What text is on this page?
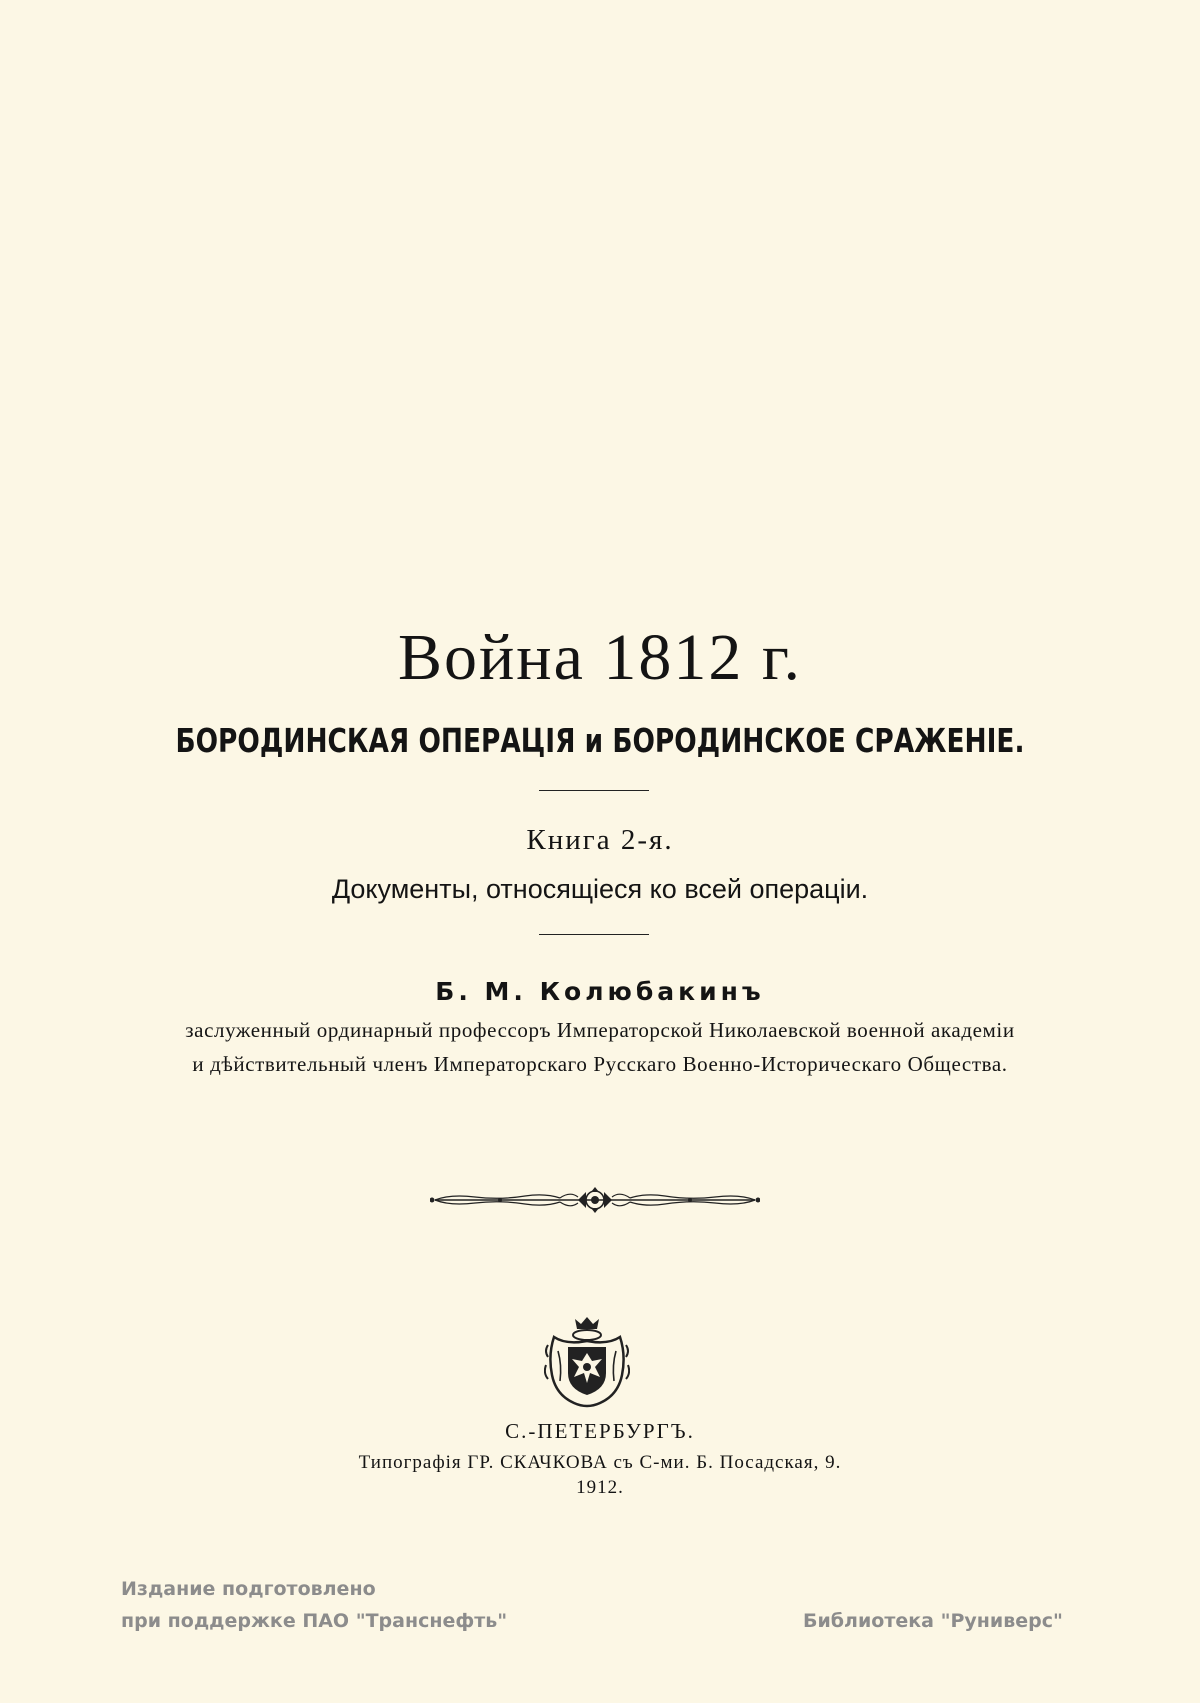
Война 1812 г.
БОРОДИНСКАЯ ОПЕРАЦІЯ и БОРОДИНСКОЕ СРАЖЕНІЕ.
Книга 2-я.
Документы, относящіеся ко всей операціи.
Б. М. Колюбакинъ
заслуженный ординарный профессоръ Императорской Николаевской военной академіи
и дѣйствительный членъ Императорскаго Русскаго Военно-Историческаго Общества.
С.-ПЕТЕРБУРГЪ.
Типографія ГР. СКАЧКОВА съ С-ми. Б. Посадская, 9.
1912.
Издание подготовлено
при поддержке ПАО "Транснефть"	Библиотека "Руниверс"
